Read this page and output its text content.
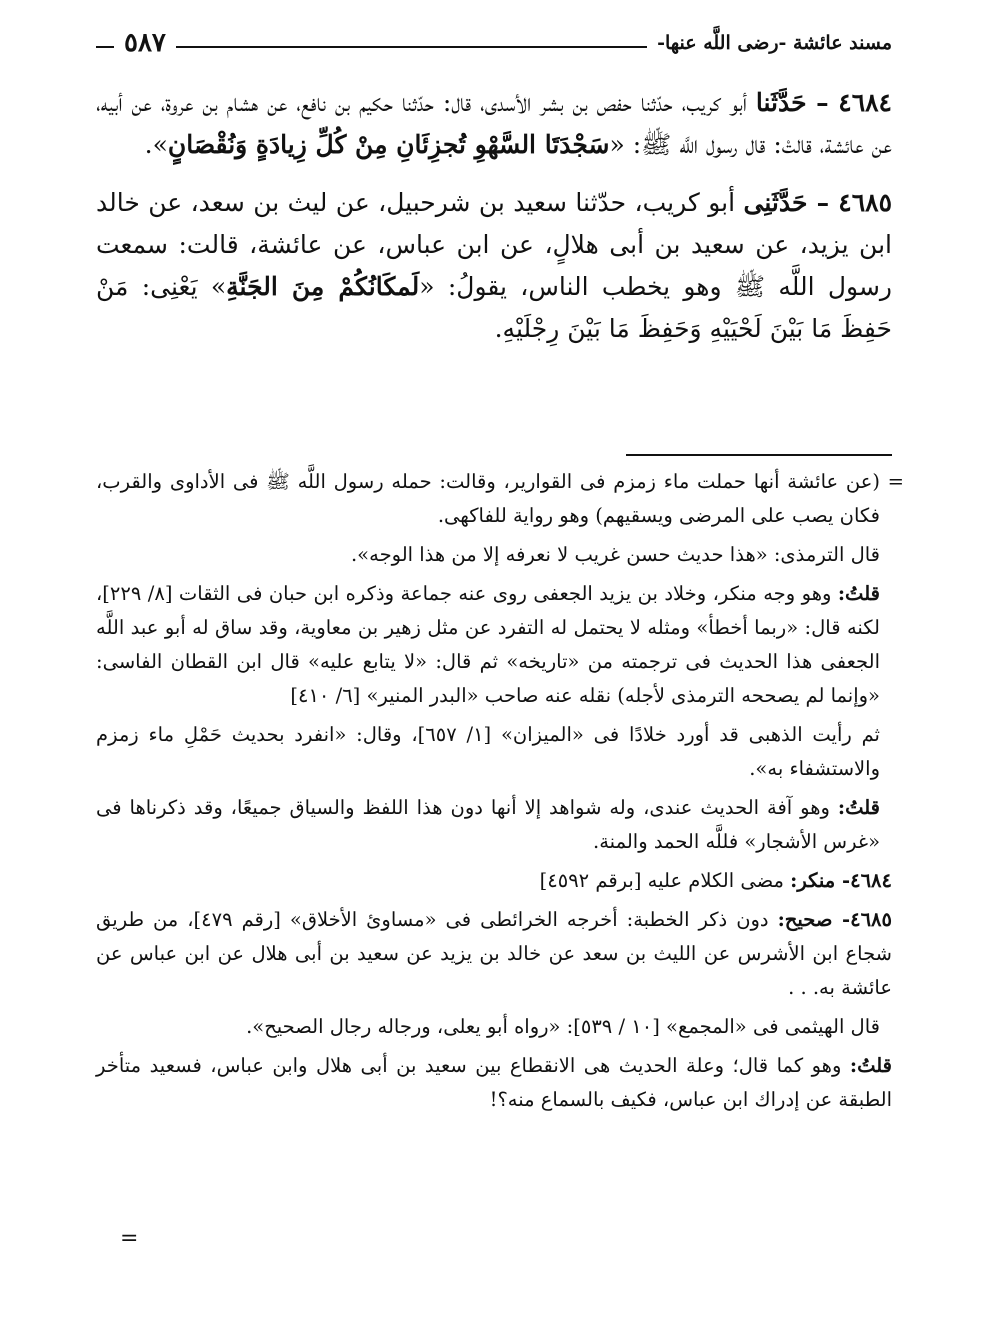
مسند عائشة -رضى اللَّه عنها-
٥٨٧

٤٦٨٤ – حَدَّثَنا أبو كريب، حدّثنا حفص بن بشر الأسدى، قال: حدّثنا حكيم بن نافع، عن هشام بن عروة، عن أبيه، عن عائشة، قالتْ: قال رسول اللَّه ﷺ: «سَجْدَتَا السَّهْوِ تُجزِئَانِ مِنْ كُلِّ زِيادَةٍ وَنُقْصَانٍ».

٤٦٨٥ – حَدَّثَنِى أبو كريب، حدّثنا سعيد بن شرحبيل، عن ليث بن سعد، عن خالد ابن يزيد، عن سعيد بن أبى هلالٍ، عن ابن عباس، عن عائشة، قالت: سمعت رسول اللَّه ﷺ وهو يخطب الناس، يقولُ: «لَمكَانُكُمْ مِنَ الجَنَّةِ» يَعْنِى: مَنْ حَفِظَ مَا بَيْنَ لَحْيَيْهِ وَحَفِظَ مَا بَيْنَ رِجْلَيْهِ.

=
(عن عائشة أنها حملت ماء زمزم فى القوارير، وقالت: حمله رسول اللَّه ﷺ فى الأداوى والقرب، فكان يصب على المرضى ويسقيهم) وهو رواية للفاكهى.

قال الترمذى: «هذا حديث حسن غريب لا نعرفه إلا من هذا الوجه».

قلتُ: وهو وجه منكر، وخلاد بن يزيد الجعفى روى عنه جماعة وذكره ابن حبان فى الثقات [٨/ ٢٢٩]، لكنه قال: «ربما أخطأ» ومثله لا يحتمل له التفرد عن مثل زهير بن معاوية، وقد ساق له أبو عبد اللَّه الجعفى هذا الحديث فى ترجمته من «تاريخه» ثم قال: «لا يتابع عليه» قال ابن القطان الفاسى: «وإنما لم يصححه الترمذى لأجله) نقله عنه صاحب «البدر المنير» [٦/ ٤١٠]

ثم رأيت الذهبى قد أورد خلادًا فى «الميزان» [١/ ٦٥٧]، وقال: «انفرد بحديث حَمْلِ ماء زمزم والاستشفاء به».

قلتُ: وهو آفة الحديث عندى، وله شواهد إلا أنها دون هذا اللفظ والسياق جميعًا، وقد ذكرناها فى «غرس الأشجار» فللَّه الحمد والمنة.

٤٦٨٤- منكر: مضى الكلام عليه [برقم ٤٥٩٢]

٤٦٨٥- صحيح: دون ذكر الخطبة: أخرجه الخرائطى فى «مساوئ الأخلاق» [رقم ٤٧٩]، من طريق شجاع ابن الأشرس عن الليث بن سعد عن خالد بن يزيد عن سعيد بن أبى هلال عن ابن عباس عن عائشة به. . .

قال الهيثمى فى «المجمع» [١٠ / ٥٣٩]: «رواه أبو يعلى، ورجاله رجال الصحيح».

قلتُ: وهو كما قال؛ وعلة الحديث هى الانقطاع بين سعيد بن أبى هلال وابن عباس، فسعيد متأخر الطبقة عن إدراك ابن عباس، فكيف بالسماع منه؟!

=
